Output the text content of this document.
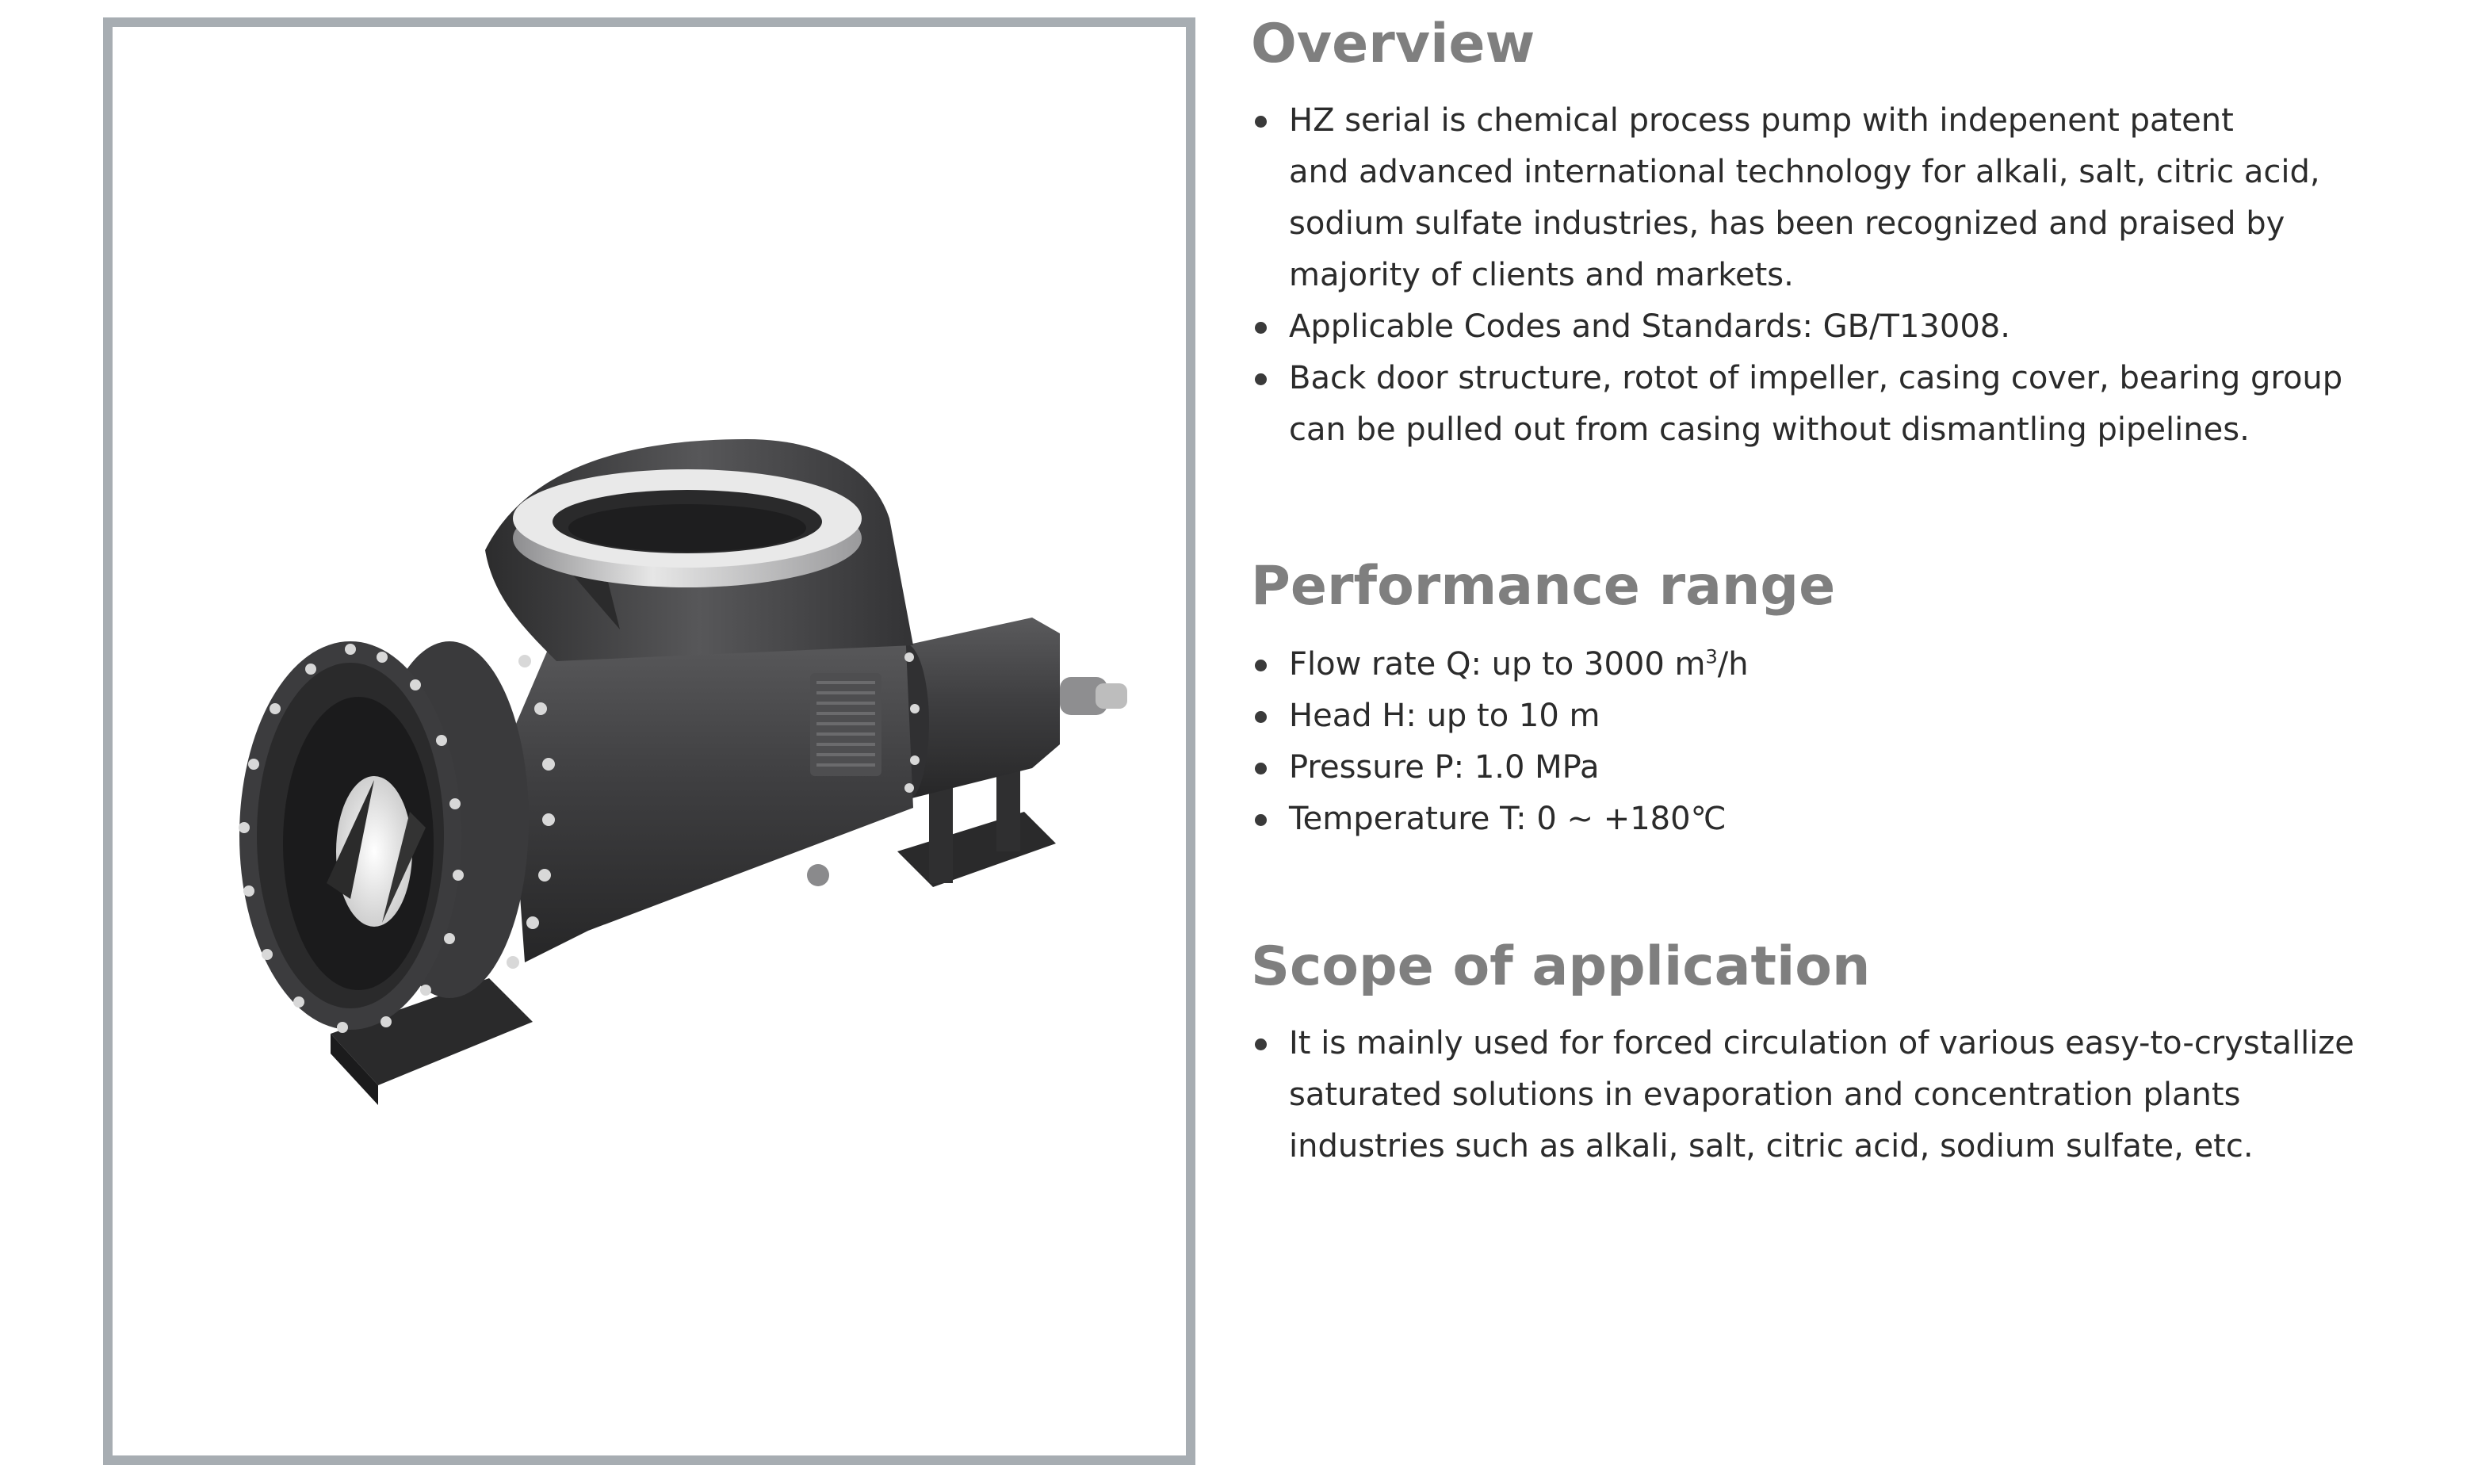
Overview
HZ serial is chemical process pump with indepenent patent
and advanced international technology for alkali, salt, citric acid,
sodium sulfate industries, has been recognized and praised by
majority of clients and markets.
Applicable Codes and Standards: GB/T13008.
Back door structure, rotot of impeller, casing cover, bearing group
can be pulled out from casing without dismantling pipelines.
Performance range
Flow rate Q: up to 3000 $m^3/h$
Head H: up to 10 m
Pressure P: 1.0 MPa
Temperature T: 0 ~ +180℃
Scope of application
It is mainly used for forced circulation of various easy-to-crystallize
saturated solutions in evaporation and concentration plants
industries such as alkali, salt, citric acid, sodium sulfate, etc.
